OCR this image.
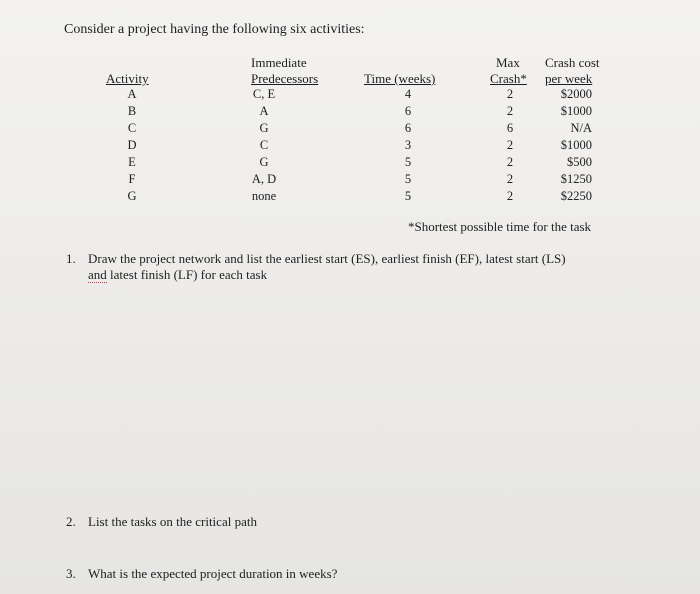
Consider a project having the following six activities:
Activity
Immediate
Predecessors	Time (weeks)
Max
Crash*
Crash cost
per week
A
B
C
D
E
F
G
C, E
A
G
C
G
A, D
none
4
6
6
3
5
5
5
2
2
6
2
2
2
2
$2000
$1000
N/A
$1000
$500
$1250
$2250
*Shortest possible time for the task
1. Draw the project network and list the earliest start (ES), earliest finish (EF), latest start (LS)
and latest finish (LF) for each task
2. List the tasks on the critical path
3. What is the expected project duration in weeks?
